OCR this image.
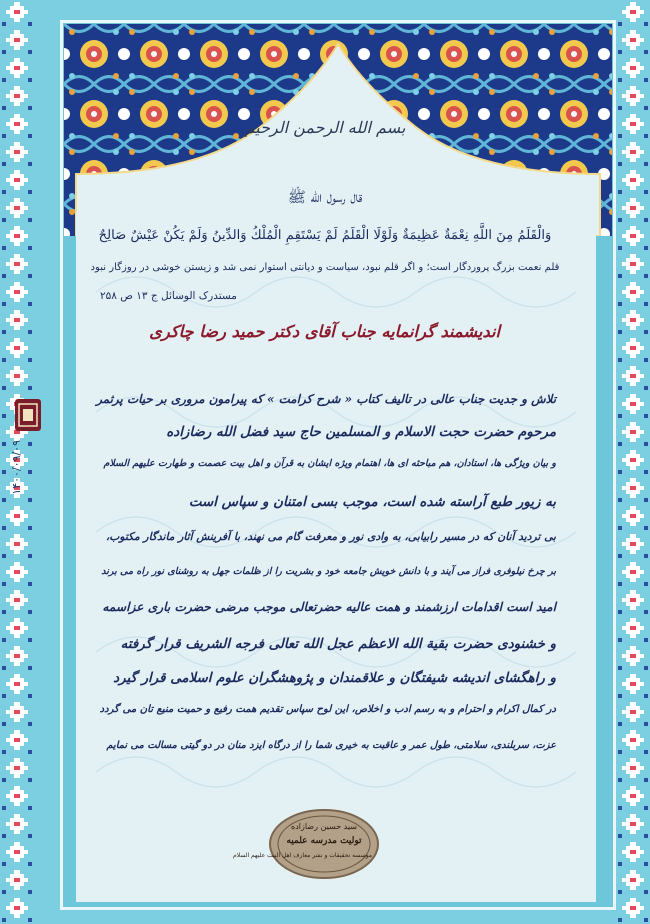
۱۴۰۰/۰۹/۰۹
بسم الله الرحمن الرحیم
قال رسول الله ﷺ
وَالْقَلَمُ مِنَ اللَّهِ نِعْمَةٌ عَظِيمَةٌ وَلَوْلَا الْقَلَمُ لَمْ يَسْتَقِمِ الْمُلْكُ وَالدِّينُ وَلَمْ يَكُنْ عَيْشٌ صَالِحٌ
قلم نعمت بزرگ پروردگار است؛ و اگر قلم نبود، سیاست و دیانتی استوار نمی شد و زیستن خوشی در روزگار نبود
مستدرک الوسائل ج ۱۳ ص ۲۵۸
اندیشمند گرانمایه جناب آقای دکتر حمید رضا چاکری
تلاش و جدیت جناب عالی در تالیف کتاب « شرح کرامت » که پیرامون مروری بر حیات پرثمر
مرحوم حضرت حجت الاسلام و المسلمین حاج سید فضل الله رضازاده
و بیان ویژگی ها، استادان، هم مباحثه ای ها، اهتمام ویژه ایشان به قرآن و اهل بیت عصمت و طهارت علیهم السلام
به زیور طبع آراسته شده است، موجب بسی امتنان و سپاس است
بی تردید آنان که در مسیر رابیابی، به وادی نور و معرفت گام می نهند، با آفرینش آثار ماندگار مکتوب،
بر چرخ نیلوفری فراز می آیند و با دانش خویش جامعه خود و بشریت را از ظلمات جهل به روشنای نور راه می برند
امید است اقدامات ارزشمند و همت عالیه حضرتعالی موجب مرضی حضرت باری عزاسمه
و خشنودی حضرت بقیة الله الاعظم عجل الله تعالی فرجه الشریف قرار گرفته
و راهگشای اندیشه شیفتگان و علاقمندان و پژوهشگران علوم اسلامی قرار گیرد
در کمال اکرام و احترام و به رسم ادب و اخلاص، این لوح سپاس تقدیم همت رفیع و حمیت منیع تان می گردد
عزت، سربلندی، سلامتی، طول عمر و عاقبت به خیری شما را از درگاه ایزد منان در دو گیتی مسالت می نمایم
سید حسین رضازاده
تولیت مدرسه علمیه
موسسه تحقیقات و نشر معارف اهل البیت علیهم السلام
